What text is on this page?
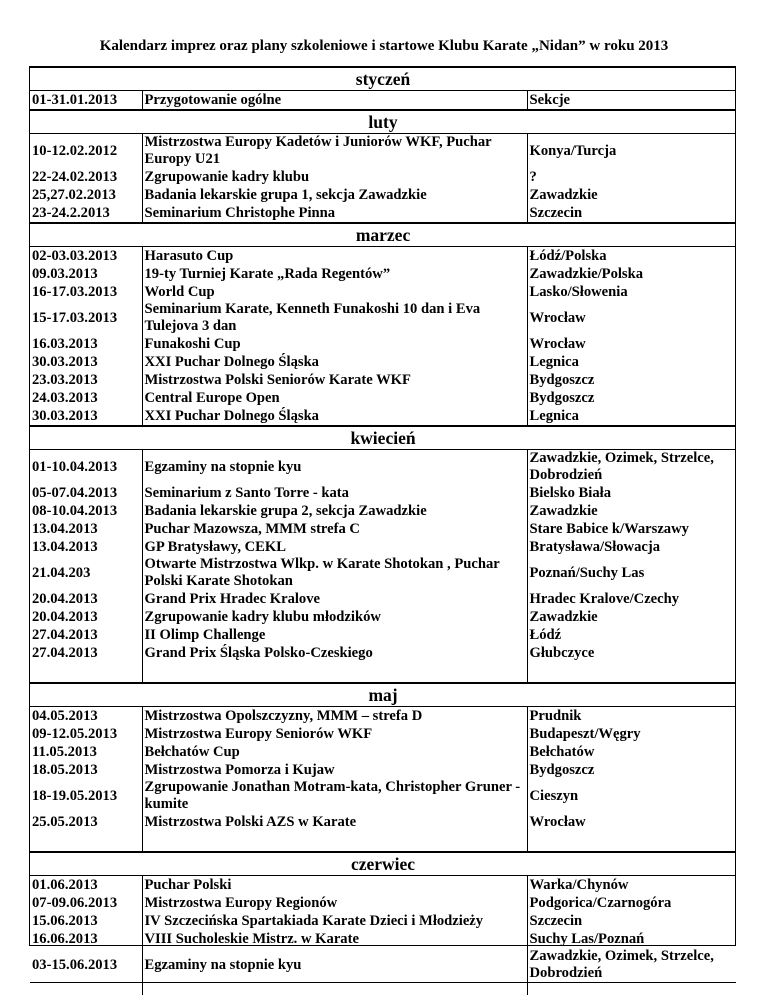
Kalendarz imprez oraz plany szkoleniowe i startowe Klubu Karate „Nidan” w roku 2013
styczeń		
01-31.01.2013	Przygotowanie ogólne	Sekcje
luty		
10-12.02.2012	Mistrzostwa Europy Kadetów i Juniorów WKF, Puchar Europy U21	Konya/Turcja
22-24.02.2013	Zgrupowanie kadry klubu	?
25,27.02.2013	Badania lekarskie grupa 1, sekcja Zawadzkie	Zawadzkie
23-24.2.2013	Seminarium Christophe Pinna	Szczecin
marzec		
02-03.03.2013	Harasuto Cup	Łódź/Polska
09.03.2013	19-ty Turniej Karate „Rada Regentów”	Zawadzkie/Polska
16-17.03.2013	World Cup	Lasko/Słowenia
15-17.03.2013	Seminarium Karate, Kenneth Funakoshi 10 dan i Eva Tulejova 3 dan	Wrocław
16.03.2013	Funakoshi Cup	Wrocław
30.03.2013	XXI Puchar Dolnego Śląska	Legnica
23.03.2013	Mistrzostwa Polski Seniorów Karate WKF	Bydgoszcz
24.03.2013	Central Europe Open	Bydgoszcz
30.03.2013	XXI Puchar Dolnego Śląska	Legnica
kwiecień		
01-10.04.2013	Egzaminy na stopnie kyu	Zawadzkie, Ozimek, Strzelce, Dobrodzień
05-07.04.2013	Seminarium z Santo Torre - kata	Bielsko Biała
08-10.04.2013	Badania lekarskie grupa 2, sekcja Zawadzkie	Zawadzkie
13.04.2013	Puchar Mazowsza, MMM strefa C	Stare Babice k/Warszawy
13.04.2013	GP Bratysławy, CEKL	Bratysława/Słowacja
21.04.203	Otwarte Mistrzostwa Wlkp. w Karate Shotokan , Puchar Polski Karate Shotokan	Poznań/Suchy Las
20.04.2013	Grand Prix Hradec Kralove	Hradec Kralove/Czechy
20.04.2013	Zgrupowanie kadry klubu młodzików	Zawadzkie
27.04.2013	II Olimp Challenge	Łódź
27.04.2013	Grand Prix Śląska Polsko-Czeskiego	Głubczyce

maj		
04.05.2013	Mistrzostwa Opolszczyzny, MMM – strefa D	Prudnik
09-12.05.2013	Mistrzostwa Europy Seniorów WKF	Budapeszt/Węgry
11.05.2013	Bełchatów Cup	Bełchatów
18.05.2013	Mistrzostwa Pomorza i Kujaw	Bydgoszcz
18-19.05.2013	Zgrupowanie Jonathan Motram-kata, Christopher Gruner -kumite	Cieszyn
25.05.2013	Mistrzostwa Polski AZS w Karate	Wrocław

czerwiec		
01.06.2013	Puchar Polski	Warka/Chynów
07-09.06.2013	Mistrzostwa Europy Regionów	Podgorica/Czarnogóra
15.06.2013	IV Szczecińska Spartakiada Karate Dzieci i Młodzieży	Szczecin
16.06.2013	VIII Sucholeskie Mistrz. w Karate	Suchy Las/Poznań
03-15.06.2013	Egzaminy na stopnie kyu	Zawadzkie, Ozimek, Strzelce, Dobrodzień
